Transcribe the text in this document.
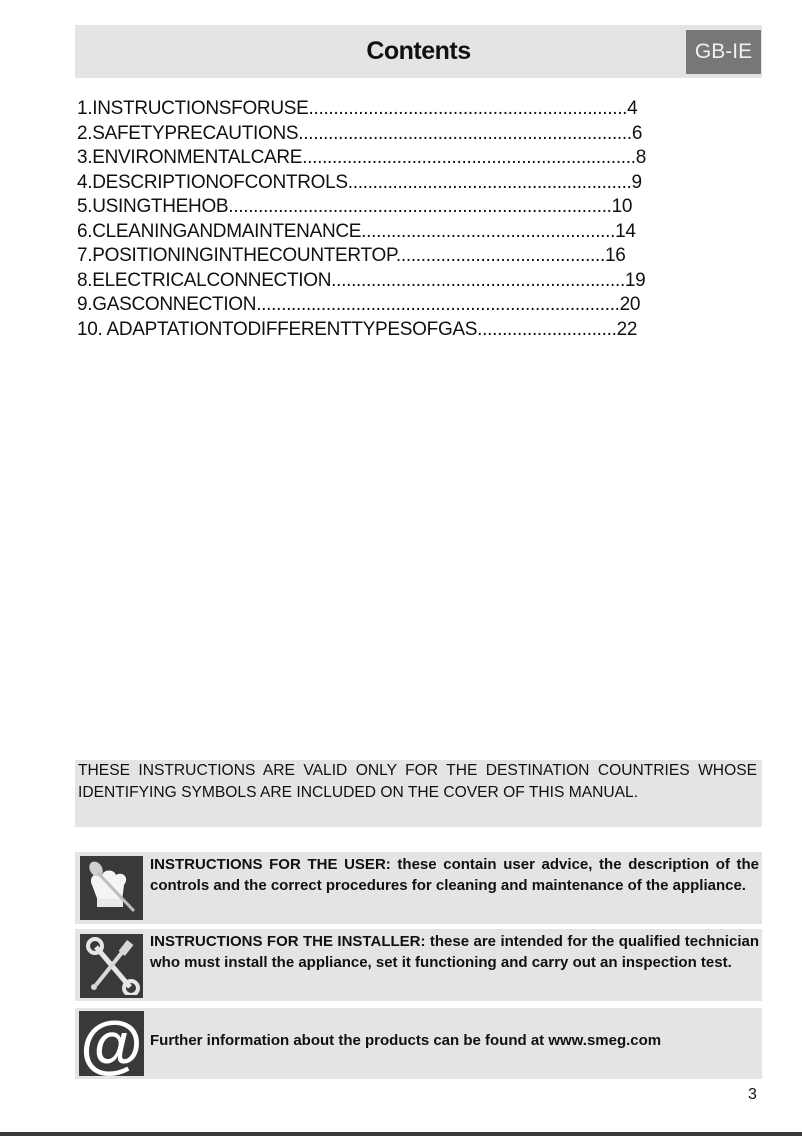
Contents	GB-IE
1.INSTRUCTIONSFORUSE................................................................4
2.SAFETYPRECAUTIONS...................................................................6
3.ENVIRONMENTALCARE...................................................................8
4.DESCRIPTIONOFCONTROLS.........................................................9
5.USINGTHEHOB.............................................................................10
6.CLEANINGANDMAINTENANCE...................................................14
7.POSITIONINGINTHECOUNTERTOP..........................................16
8.ELECTRICALCONNECTION...........................................................19
9.GASCONNECTION.........................................................................20
10. ADAPTATIONTODIFFERENTTYPESOFGAS............................22

THESE INSTRUCTIONS ARE VALID ONLY FOR THE DESTINATION COUNTRIES WHOSE IDENTIFYING SYMBOLS ARE INCLUDED ON THE COVER OF THIS MANUAL.

INSTRUCTIONS FOR THE USER: these contain user advice, the description of the controls and the correct procedures for cleaning and maintenance of the appliance.
INSTRUCTIONS FOR THE INSTALLER: these are intended for the qualified technician who must install the appliance, set it functioning and carry out an inspection test.
@ Further information about the products can be found at www.smeg.com
3
